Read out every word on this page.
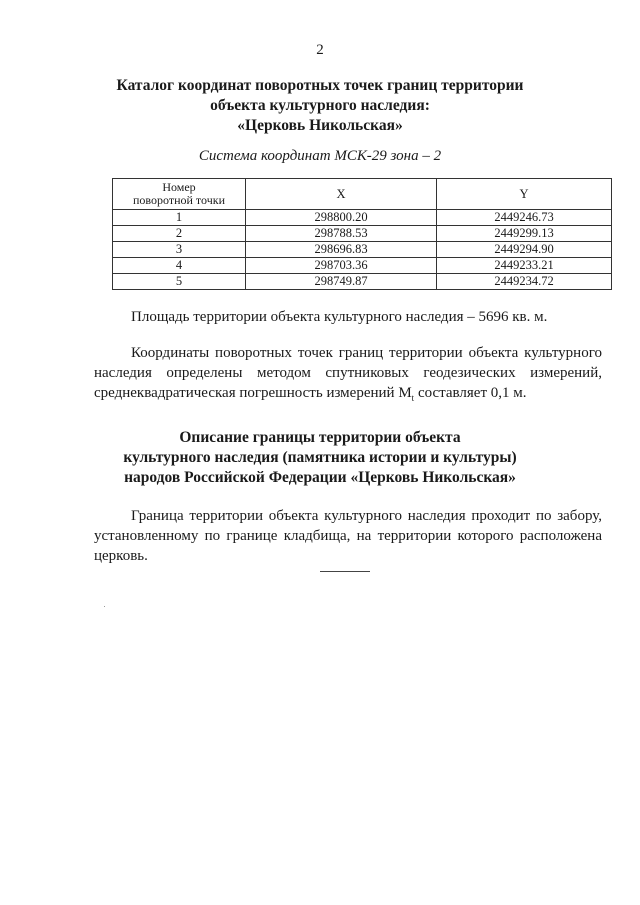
2
Каталог координат поворотных точек границ территории
объекта культурного наследия:
«Церковь Никольская»
Система координат МСК-29 зона – 2
Номер
поворотной точки	X	Y
1	298800.20	2449246.73
2	298788.53	2449299.13
3	298696.83	2449294.90
4	298703.36	2449233.21
5	298749.87	2449234.72
Площадь территории объекта культурного наследия – 5696 кв. м.
Координаты поворотных точек границ территории объекта культурного наследия определены методом спутниковых геодезических измерений, среднеквадратическая погрешность измерений $M_t$ составляет 0,1 м.
Описание границы территории объекта
культурного наследия (памятника истории и культуры)
народов Российской Федерации «Церковь Никольская»
Граница территории объекта культурного наследия проходит по забору, установленному по границе кладбища, на территории которого расположена церковь.
